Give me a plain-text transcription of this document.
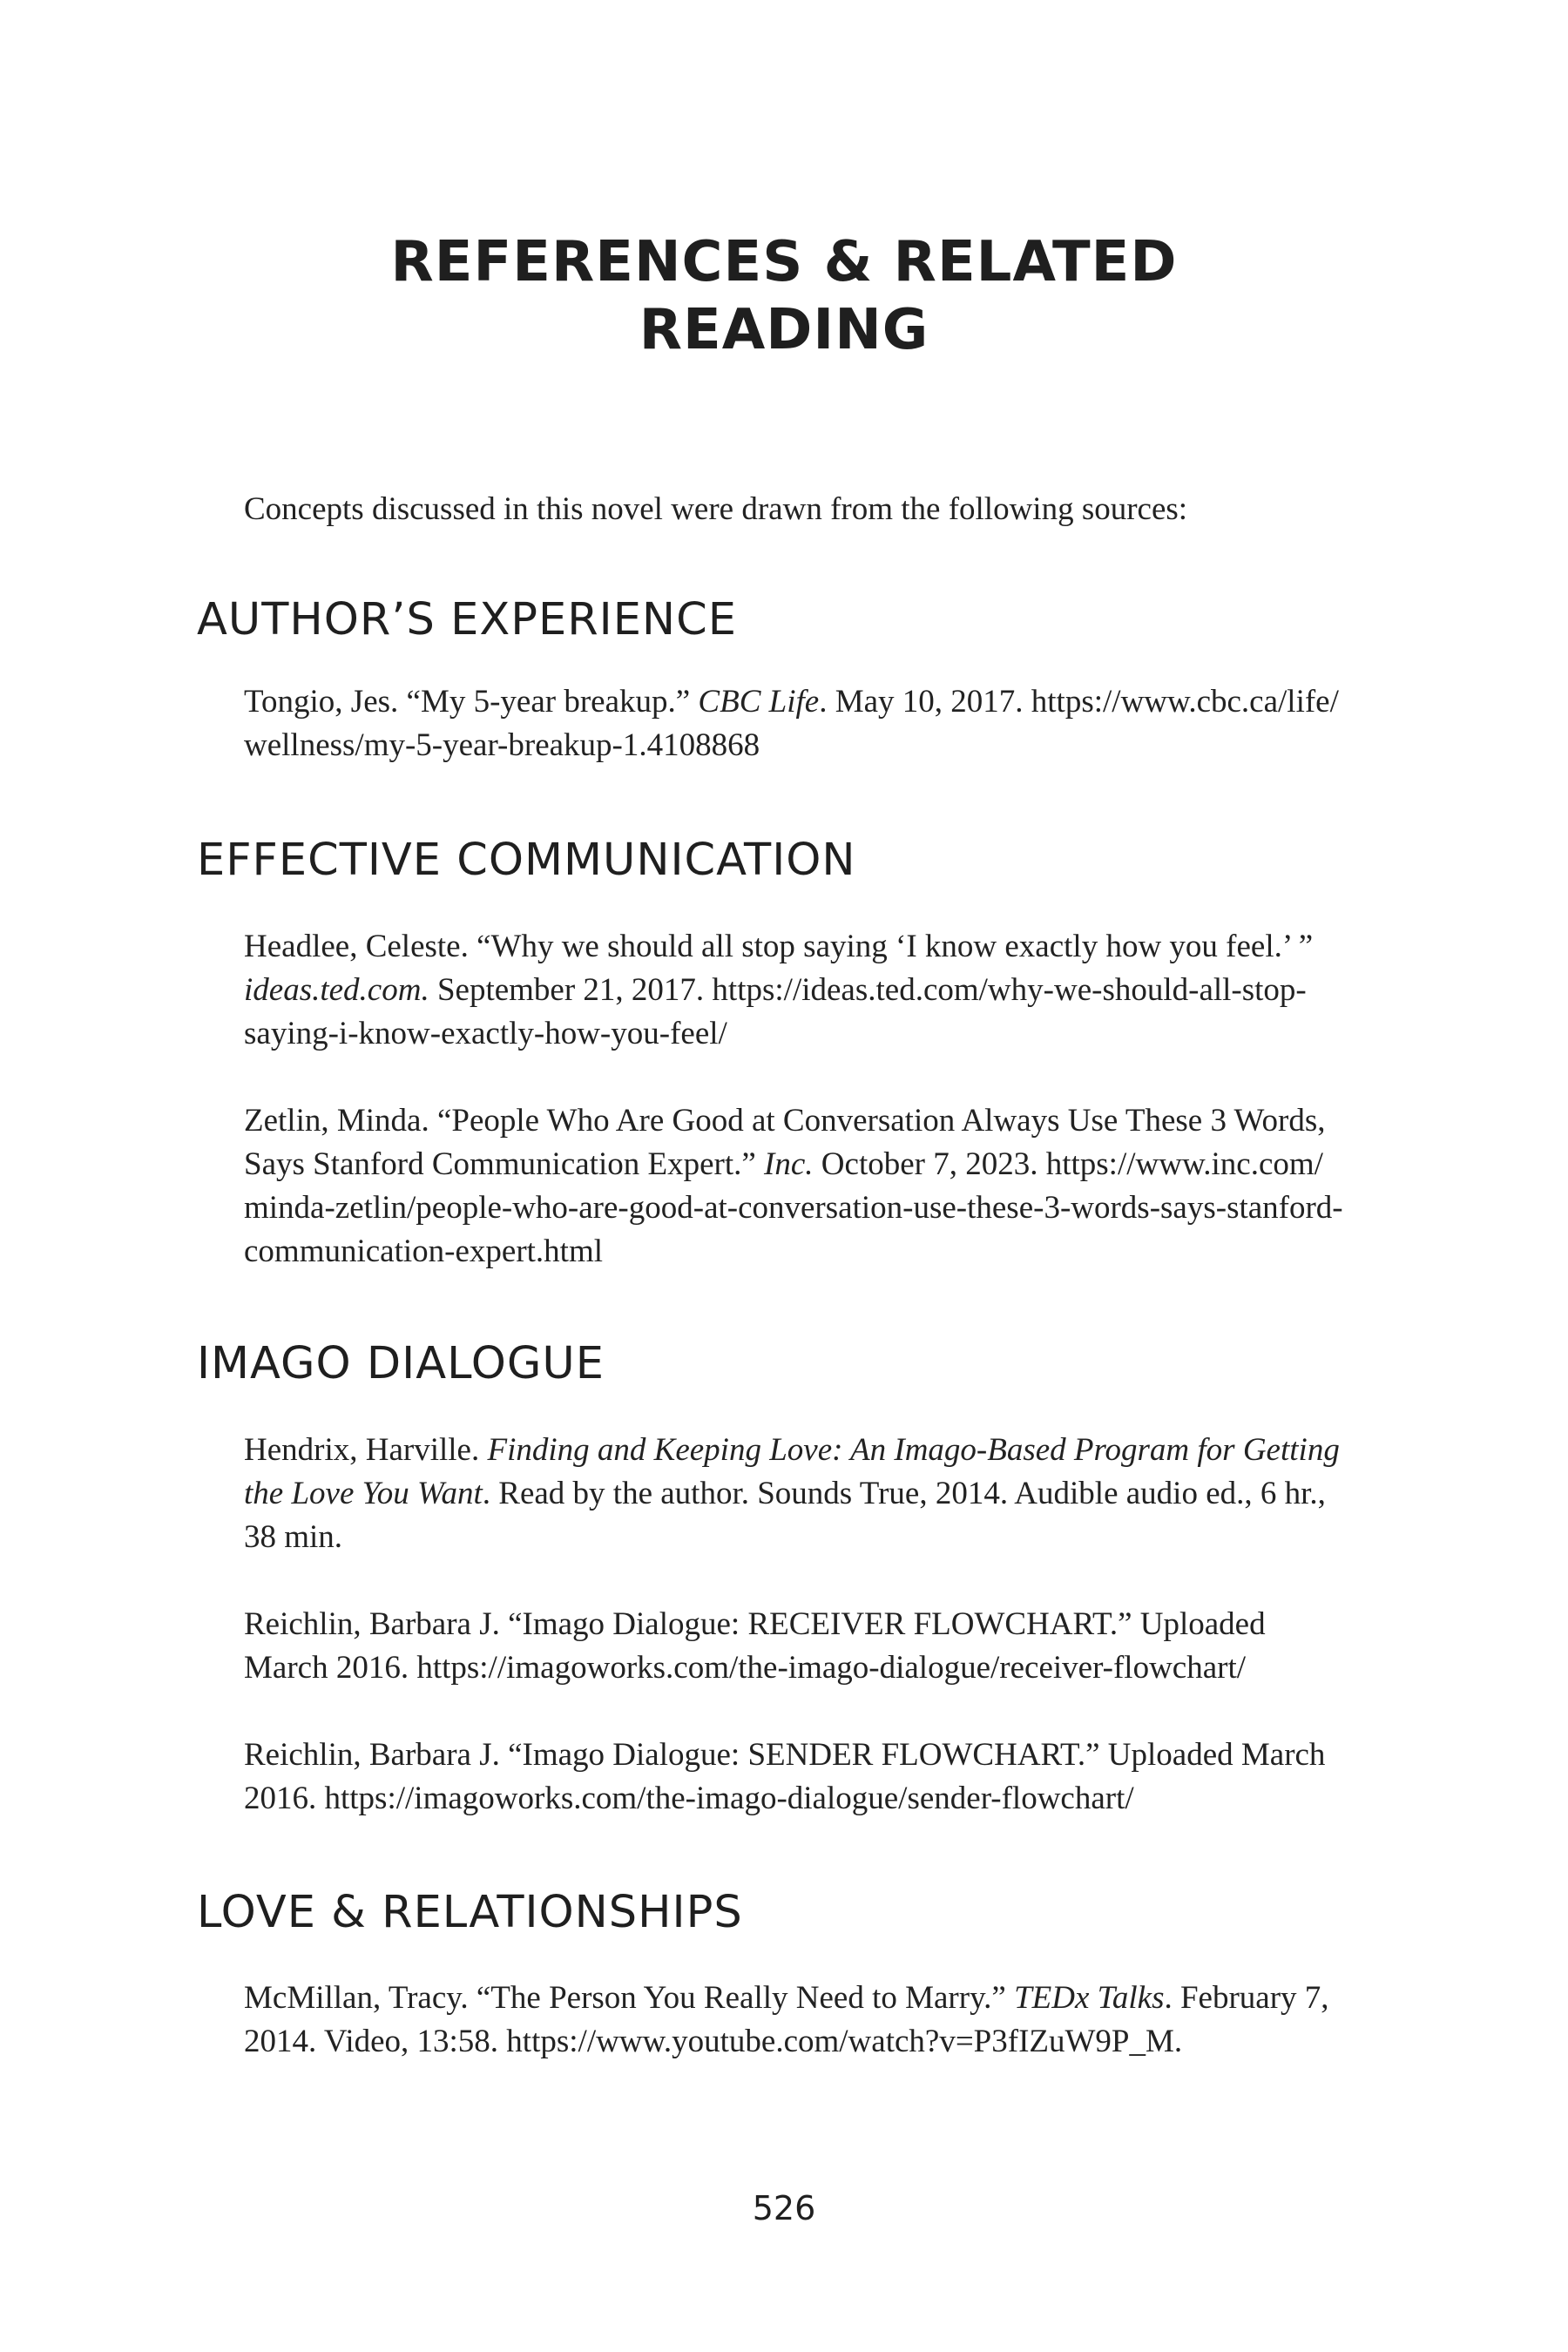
REFERENCES & RELATED
READING

Concepts discussed in this novel were drawn from the following sources:

AUTHOR’S EXPERIENCE

Tongio, Jes. “My 5-year breakup.” CBC Life. May 10, 2017. https://www.cbc.ca/life/
wellness/my-5-year-breakup-1.4108868

EFFECTIVE COMMUNICATION

Headlee, Celeste. “Why we should all stop saying ‘I know exactly how you feel.’ ”
ideas.ted.com. September 21, 2017. https://ideas.ted.com/why-we-should-all-stop-
saying-i-know-exactly-how-you-feel/

Zetlin, Minda. “People Who Are Good at Conversation Always Use These 3 Words,
Says Stanford Communication Expert.” Inc. October 7, 2023. https://www.inc.com/
minda-zetlin/people-who-are-good-at-conversation-use-these-3-words-says-stanford-
communication-expert.html

IMAGO DIALOGUE

Hendrix, Harville. Finding and Keeping Love: An Imago-Based Program for Getting
the Love You Want. Read by the author. Sounds True, 2014. Audible audio ed., 6 hr.,
38 min.

Reichlin, Barbara J. “Imago Dialogue: RECEIVER FLOWCHART.” Uploaded
March 2016. https://imagoworks.com/the-imago-dialogue/receiver-flowchart/

Reichlin, Barbara J. “Imago Dialogue: SENDER FLOWCHART.” Uploaded March
2016. https://imagoworks.com/the-imago-dialogue/sender-flowchart/

LOVE & RELATIONSHIPS

McMillan, Tracy. “The Person You Really Need to Marry.” TEDx Talks. February 7,
2014. Video, 13:58. https://www.youtube.com/watch?v=P3fIZuW9P_M.

526
